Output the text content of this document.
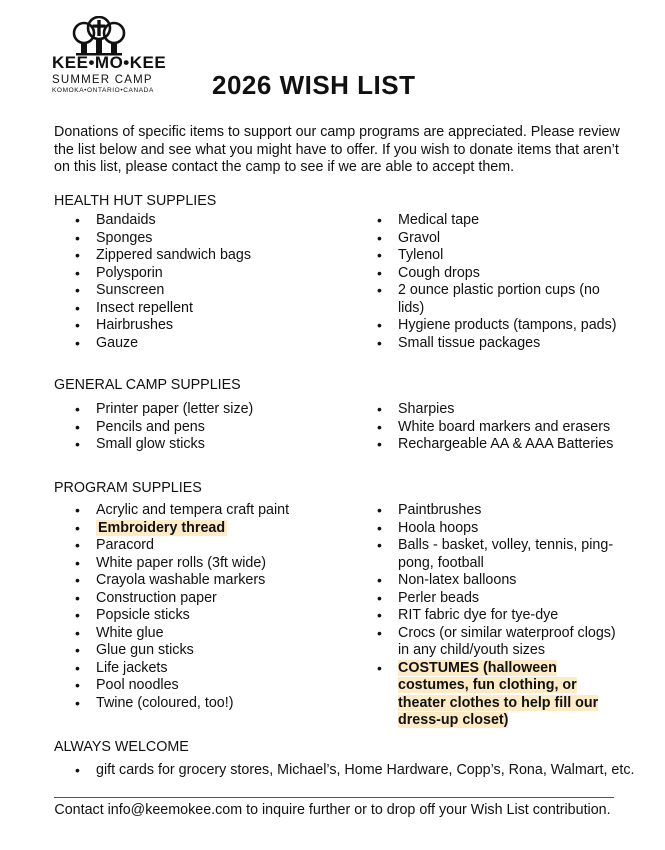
KEE•MO•KEE
SUMMER CAMP
KOMOKA•ONTARIO•CANADA 2026 WISH LIST
Donations of specific items to support our camp programs are appreciated. Please review the list below and see what you might have to offer. If you wish to donate items that aren’t on this list, please contact the camp to see if we are able to accept them.
HEALTH HUT SUPPLIES
• Bandaids
• Sponges
• Zippered sandwich bags
• Polysporin
• Sunscreen
• Insect repellent
• Hairbrushes
• Gauze
• Medical tape
• Gravol
• Tylenol
• Cough drops
• 2 ounce plastic portion cups (no lids)
• Hygiene products (tampons, pads)
• Small tissue packages
GENERAL CAMP SUPPLIES
• Printer paper (letter size)
• Pencils and pens
• Small glow sticks
• Sharpies
• White board markers and erasers
• Rechargeable AA & AAA Batteries
PROGRAM SUPPLIES
• Acrylic and tempera craft paint
• Embroidery thread
• Paracord
• White paper rolls (3ft wide)
• Crayola washable markers
• Construction paper
• Popsicle sticks
• White glue
• Glue gun sticks
• Life jackets
• Pool noodles
• Twine (coloured, too!)
• Paintbrushes
• Hoola hoops
• Balls - basket, volley, tennis, ping-pong, football
• Non-latex balloons
• Perler beads
• RIT fabric dye for tye-dye
• Crocs (or similar waterproof clogs) in any child/youth sizes
• COSTUMES (halloween costumes, fun clothing, or theater clothes to help fill our dress-up closet)
ALWAYS WELCOME
• gift cards for grocery stores, Michael’s, Home Hardware, Copp’s, Rona, Walmart, etc.
Contact info@keemokee.com to inquire further or to drop off your Wish List contribution.
